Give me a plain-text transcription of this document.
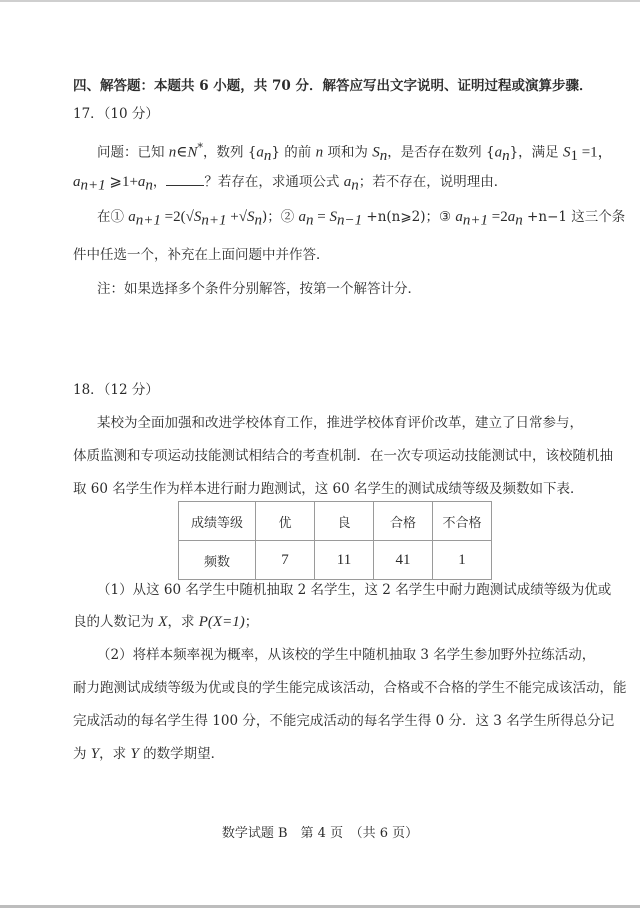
四、解答题：本题共 6 小题，共 70 分．解答应写出文字说明、证明过程或演算步骤．
17．（10 分）
问题：已知 n∈N*，数列 $\{a_n\}$ 的前 n 项和为 $S_n$，是否存在数列 $\{a_n\}$，满足 $S_1 =1$，
$a_{n+1}$ $⩾1+a_n$，	？若存在，求通项公式 $a_n$；若不存在，说明理由．
在① $a_{n+1} =2(√S_{n+1} +√S_n)$；② $a_n = S_{n-1}$ +n(n⩾2)；③ $a_{n+1} =2a_n +n-1$ 这三个条
件中任选一个，补充在上面问题中并作答．
注：如果选择多个条件分别解答，按第一个解答计分．
18．（12 分）
某校为全面加强和改进学校体育工作，推进学校体育评价改革，建立了日常参与，
体质监测和专项运动技能测试相结合的考查机制．在一次专项运动技能测试中，该校随机抽
取 60 名学生作为样本进行耐力跑测试，这 60 名学生的测试成绩等级及频数如下表．
成绩等级	优	良	合格	不合格
频数	7	11	41	1
（1）从这 60 名学生中随机抽取 2 名学生，这 2 名学生中耐力跑测试成绩等级为优或
良的人数记为 X，求 P(X=1)；
（2）将样本频率视为概率，从该校的学生中随机抽取 3 名学生参加野外拉练活动，
耐力跑测试成绩等级为优或良的学生能完成该活动，合格或不合格的学生不能完成该活动，能
完成活动的每名学生得 100 分，不能完成活动的每名学生得 0 分．这 3 名学生所得总分记
为 Y，求 Y 的数学期望．
数学试题 B　第 4 页　（共 6 页）
